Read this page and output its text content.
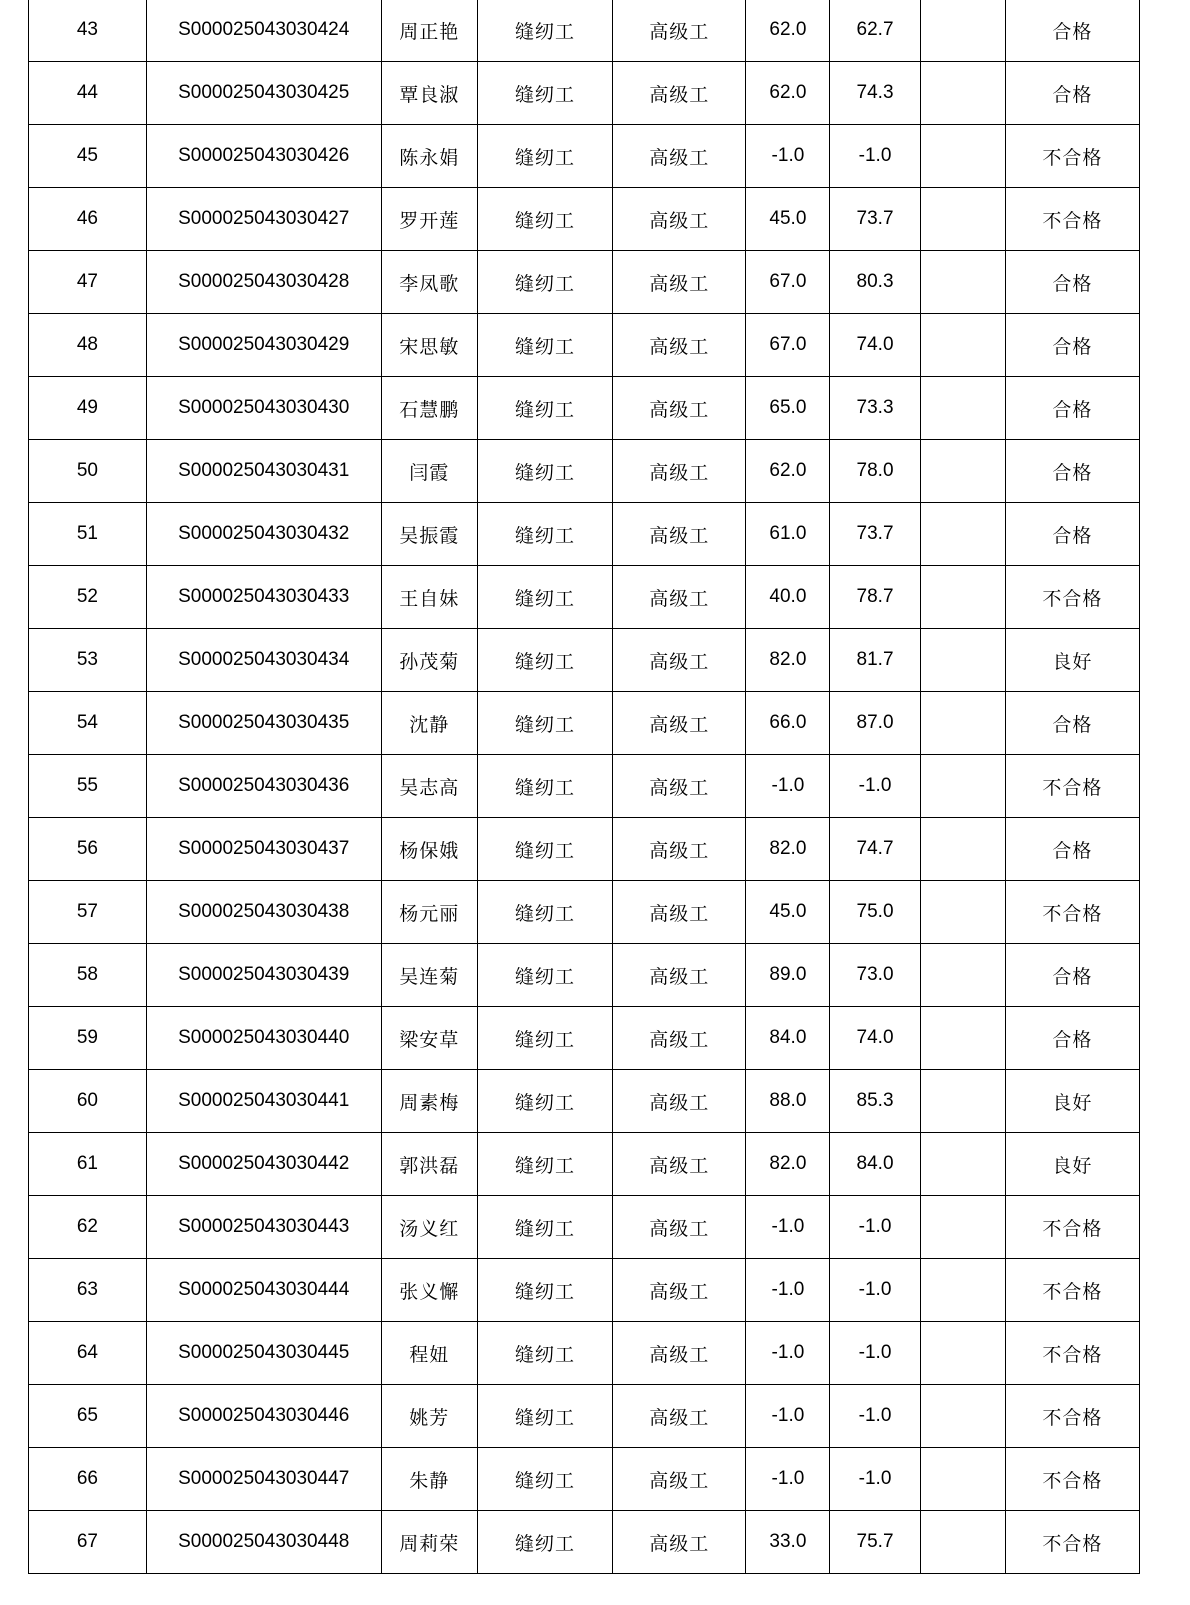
43	S000025043030424	周正艳	缝纫工	高级工	62.0	62.7		合格
44	S000025043030425	覃良淑	缝纫工	高级工	62.0	74.3		合格
45	S000025043030426	陈永娟	缝纫工	高级工	-1.0	-1.0		不合格
46	S000025043030427	罗开莲	缝纫工	高级工	45.0	73.7		不合格
47	S000025043030428	李凤歌	缝纫工	高级工	67.0	80.3		合格
48	S000025043030429	宋思敏	缝纫工	高级工	67.0	74.0		合格
49	S000025043030430	石慧鹏	缝纫工	高级工	65.0	73.3		合格
50	S000025043030431	闫霞	缝纫工	高级工	62.0	78.0		合格
51	S000025043030432	吴振霞	缝纫工	高级工	61.0	73.7		合格
52	S000025043030433	王自妹	缝纫工	高级工	40.0	78.7		不合格
53	S000025043030434	孙茂菊	缝纫工	高级工	82.0	81.7		良好
54	S000025043030435	沈静	缝纫工	高级工	66.0	87.0		合格
55	S000025043030436	吴志高	缝纫工	高级工	-1.0	-1.0		不合格
56	S000025043030437	杨保娥	缝纫工	高级工	82.0	74.7		合格
57	S000025043030438	杨元丽	缝纫工	高级工	45.0	75.0		不合格
58	S000025043030439	吴连菊	缝纫工	高级工	89.0	73.0		合格
59	S000025043030440	梁安草	缝纫工	高级工	84.0	74.0		合格
60	S000025043030441	周素梅	缝纫工	高级工	88.0	85.3		良好
61	S000025043030442	郭洪磊	缝纫工	高级工	82.0	84.0		良好
62	S000025043030443	汤义红	缝纫工	高级工	-1.0	-1.0		不合格
63	S000025043030444	张义懈	缝纫工	高级工	-1.0	-1.0		不合格
64	S000025043030445	程妞	缝纫工	高级工	-1.0	-1.0		不合格
65	S000025043030446	姚芳	缝纫工	高级工	-1.0	-1.0		不合格
66	S000025043030447	朱静	缝纫工	高级工	-1.0	-1.0		不合格
67	S000025043030448	周莉荣	缝纫工	高级工	33.0	75.7		不合格
